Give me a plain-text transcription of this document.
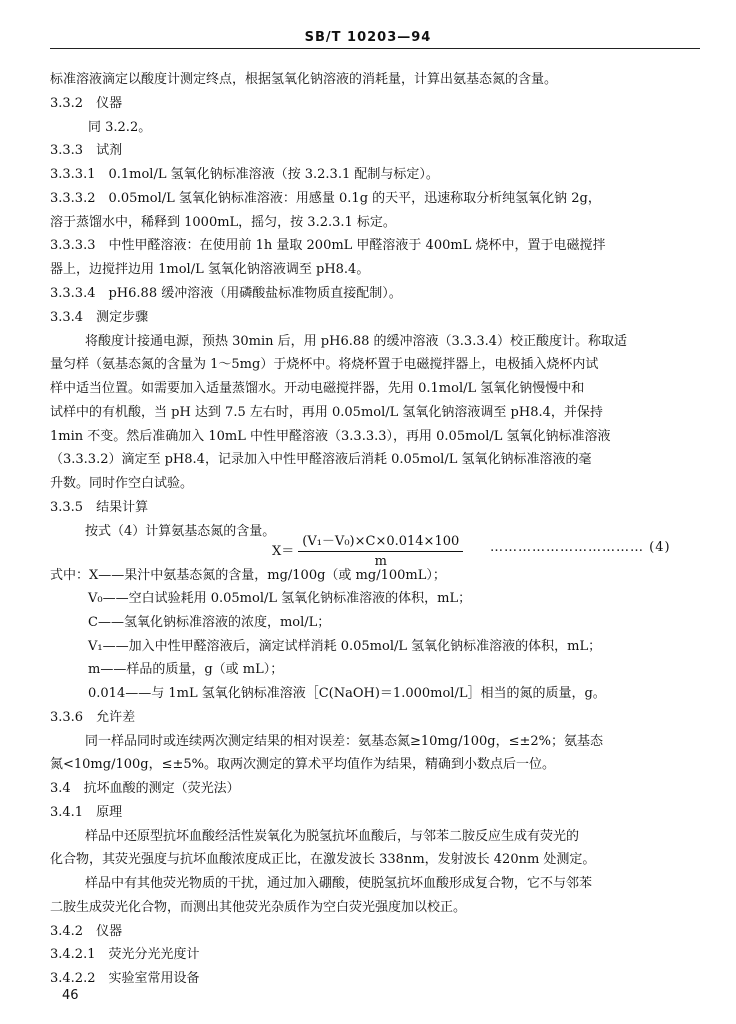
SB/T 10203—94
标准溶液滴定以酸度计测定终点，根据氢氧化钠溶液的消耗量，计算出氨基态氮的含量。
3.3.2　仪器
同 3.2.2。
3.3.3　试剂
3.3.3.1　0.1mol/L 氢氧化钠标准溶液（按 3.2.3.1 配制与标定）。
3.3.3.2　0.05mol/L 氢氧化钠标准溶液：用感量 0.1g 的天平，迅速称取分析纯氢氧化钠 2g，
溶于蒸馏水中，稀释到 1000mL，摇匀，按 3.2.3.1 标定。
3.3.3.3　中性甲醛溶液：在使用前 1h 量取 200mL 甲醛溶液于 400mL 烧杯中，置于电磁搅拌
器上，边搅拌边用 1mol/L 氢氧化钠溶液调至 pH8.4。
3.3.3.4　pH6.88 缓冲溶液（用磷酸盐标准物质直接配制）。
3.3.4　测定步骤
将酸度计接通电源，预热 30min 后，用 pH6.88 的缓冲溶液（3.3.3.4）校正酸度计。称取适
量匀样（氨基态氮的含量为 1～5mg）于烧杯中。将烧杯置于电磁搅拌器上，电极插入烧杯内试
样中适当位置。如需要加入适量蒸馏水。开动电磁搅拌器，先用 0.1mol/L 氢氧化钠慢慢中和
试样中的有机酸，当 pH 达到 7.5 左右时，再用 0.05mol/L 氢氧化钠溶液调至 pH8.4，并保持
1min 不变。然后准确加入 10mL 中性甲醛溶液（3.3.3.3），再用 0.05mol/L 氢氧化钠标准溶液
（3.3.3.2）滴定至 pH8.4，记录加入中性甲醛溶液后消耗 0.05mol/L 氢氧化钠标准溶液的毫
升数。同时作空白试验。
3.3.5　结果计算
按式（4）计算氨基态氮的含量。
$X= \frac{\text{(V₁－V₀)×C×0.014×100}}{m}$ …………………………… (4)
式中：X——果汁中氨基态氮的含量，mg/100g（或 mg/100mL）；
V₀——空白试验耗用 0.05mol/L 氢氧化钠标准溶液的体积，mL；
C——氢氧化钠标准溶液的浓度，mol/L；
V₁——加入中性甲醛溶液后，滴定试样消耗 0.05mol/L 氢氧化钠标准溶液的体积，mL；
m——样品的质量，g（或 mL）；
0.014——与 1mL 氢氧化钠标准溶液［C(NaOH)＝1.000mol/L］相当的氮的质量，g。
3.3.6　允许差
同一样品同时或连续两次测定结果的相对误差：氨基态氮≥10mg/100g，≤±2%；氨基态
氮<10mg/100g，≤±5%。取两次测定的算术平均值作为结果，精确到小数点后一位。
3.4　抗坏血酸的测定（荧光法）
3.4.1　原理
样品中还原型抗坏血酸经活性炭氧化为脱氢抗坏血酸后，与邻苯二胺反应生成有荧光的
化合物，其荧光强度与抗坏血酸浓度成正比，在激发波长 338nm，发射波长 420nm 处测定。
样品中有其他荧光物质的干扰，通过加入硼酸，使脱氢抗坏血酸形成复合物，它不与邻苯
二胺生成荧光化合物，而测出其他荧光杂质作为空白荧光强度加以校正。
3.4.2　仪器
3.4.2.1　荧光分光光度计
3.4.2.2　实验室常用设备
46
